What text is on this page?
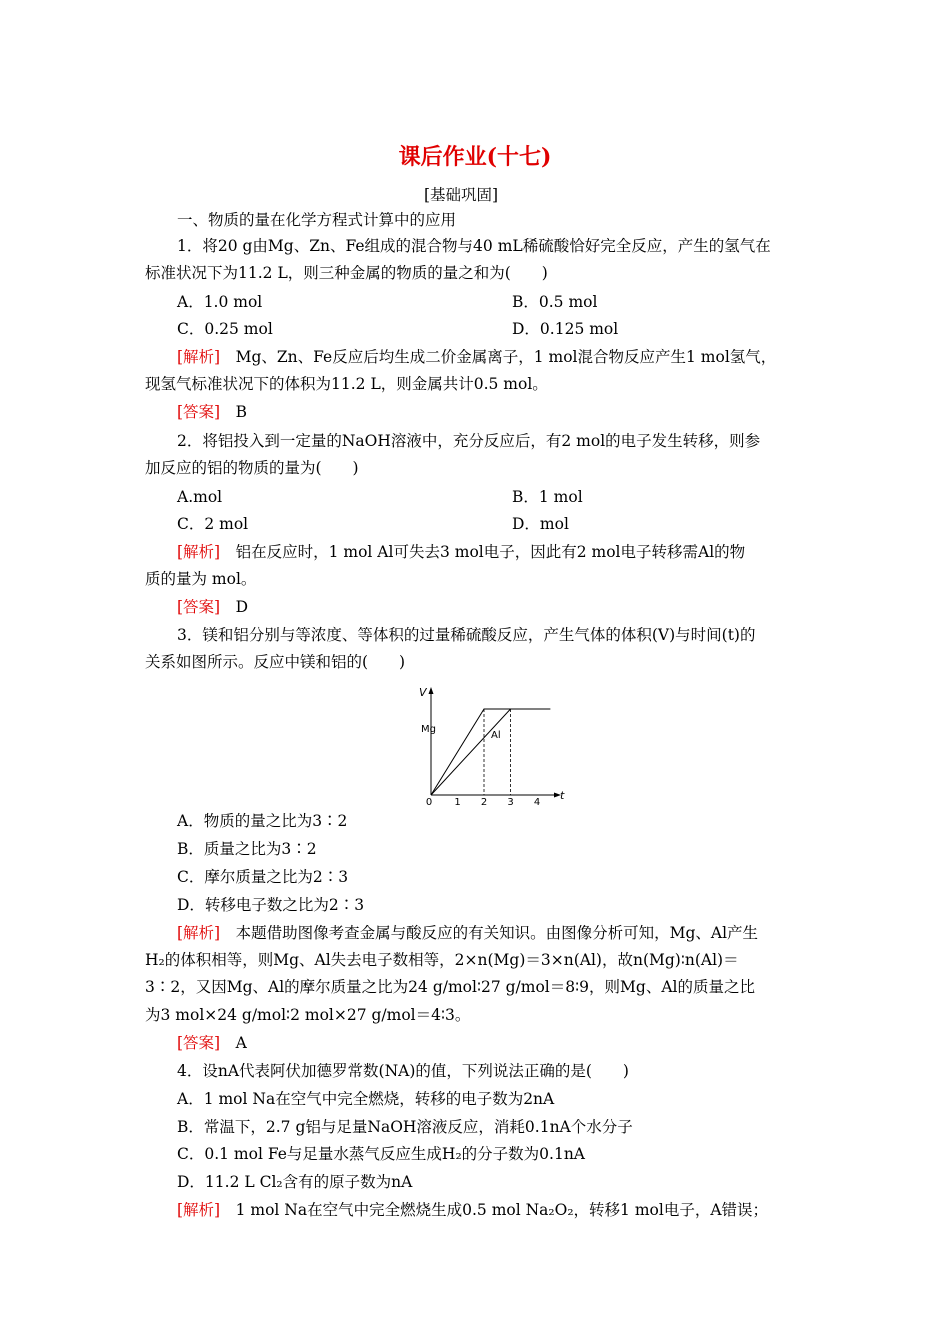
课后作业(十七)
[基础巩固]
一、物质的量在化学方程式计算中的应用
1．将20 g由Mg、Zn、Fe组成的混合物与40 mL稀硫酸恰好完全反应，产生的氢气在
标准状况下为11.2 L，则三种金属的物质的量之和为(　　)
A．1.0 mol	B．0.5 mol
C．0.25 mol	D．0.125 mol
[解析]　Mg、Zn、Fe反应后均生成二价金属离子，1 mol混合物反应产生1 mol氢气，
现氢气标准状况下的体积为11.2 L，则金属共计0.5 mol。
[答案]　B
2．将铝投入到一定量的NaOH溶液中，充分反应后，有2 mol的电子发生转移，则参
加反应的铝的物质的量为(　　)
A.mol	B．1 mol
C．2 mol	D．mol
[解析]　铝在反应时，1 mol Al可失去3 mol电子，因此有2 mol电子转移需Al的物
质的量为 mol。
[答案]　D
3．镁和铝分别与等浓度、等体积的过量稀硫酸反应，产生气体的体积(V)与时间(t)的
关系如图所示。反应中镁和铝的(　　)
V
t
0 1 2 3 4
Mg
Al
A．物质的量之比为3∶2
B．质量之比为3∶2
C．摩尔质量之比为2∶3
D．转移电子数之比为2∶3
[解析]　本题借助图像考查金属与酸反应的有关知识。由图像分析可知，Mg、Al产生
H₂的体积相等，则Mg、Al失去电子数相等，2×n(Mg)＝3×n(Al)，故n(Mg)∶n(Al)＝
3∶2，又因Mg、Al的摩尔质量之比为24 g/mol∶27 g/mol＝8∶9，则Mg、Al的质量之比
为3 mol×24 g/mol∶2 mol×27 g/mol＝4∶3。
[答案]　A
4．设nA代表阿伏加德罗常数(NA)的值，下列说法正确的是(　　)
A．1 mol Na在空气中完全燃烧，转移的电子数为2nA
B．常温下，2.7 g铝与足量NaOH溶液反应，消耗0.1nA个水分子
C．0.1 mol Fe与足量水蒸气反应生成H₂的分子数为0.1nA
D．11.2 L Cl₂含有的原子数为nA
[解析]　1 mol Na在空气中完全燃烧生成0.5 mol Na₂O₂，转移1 mol电子，A错误；
